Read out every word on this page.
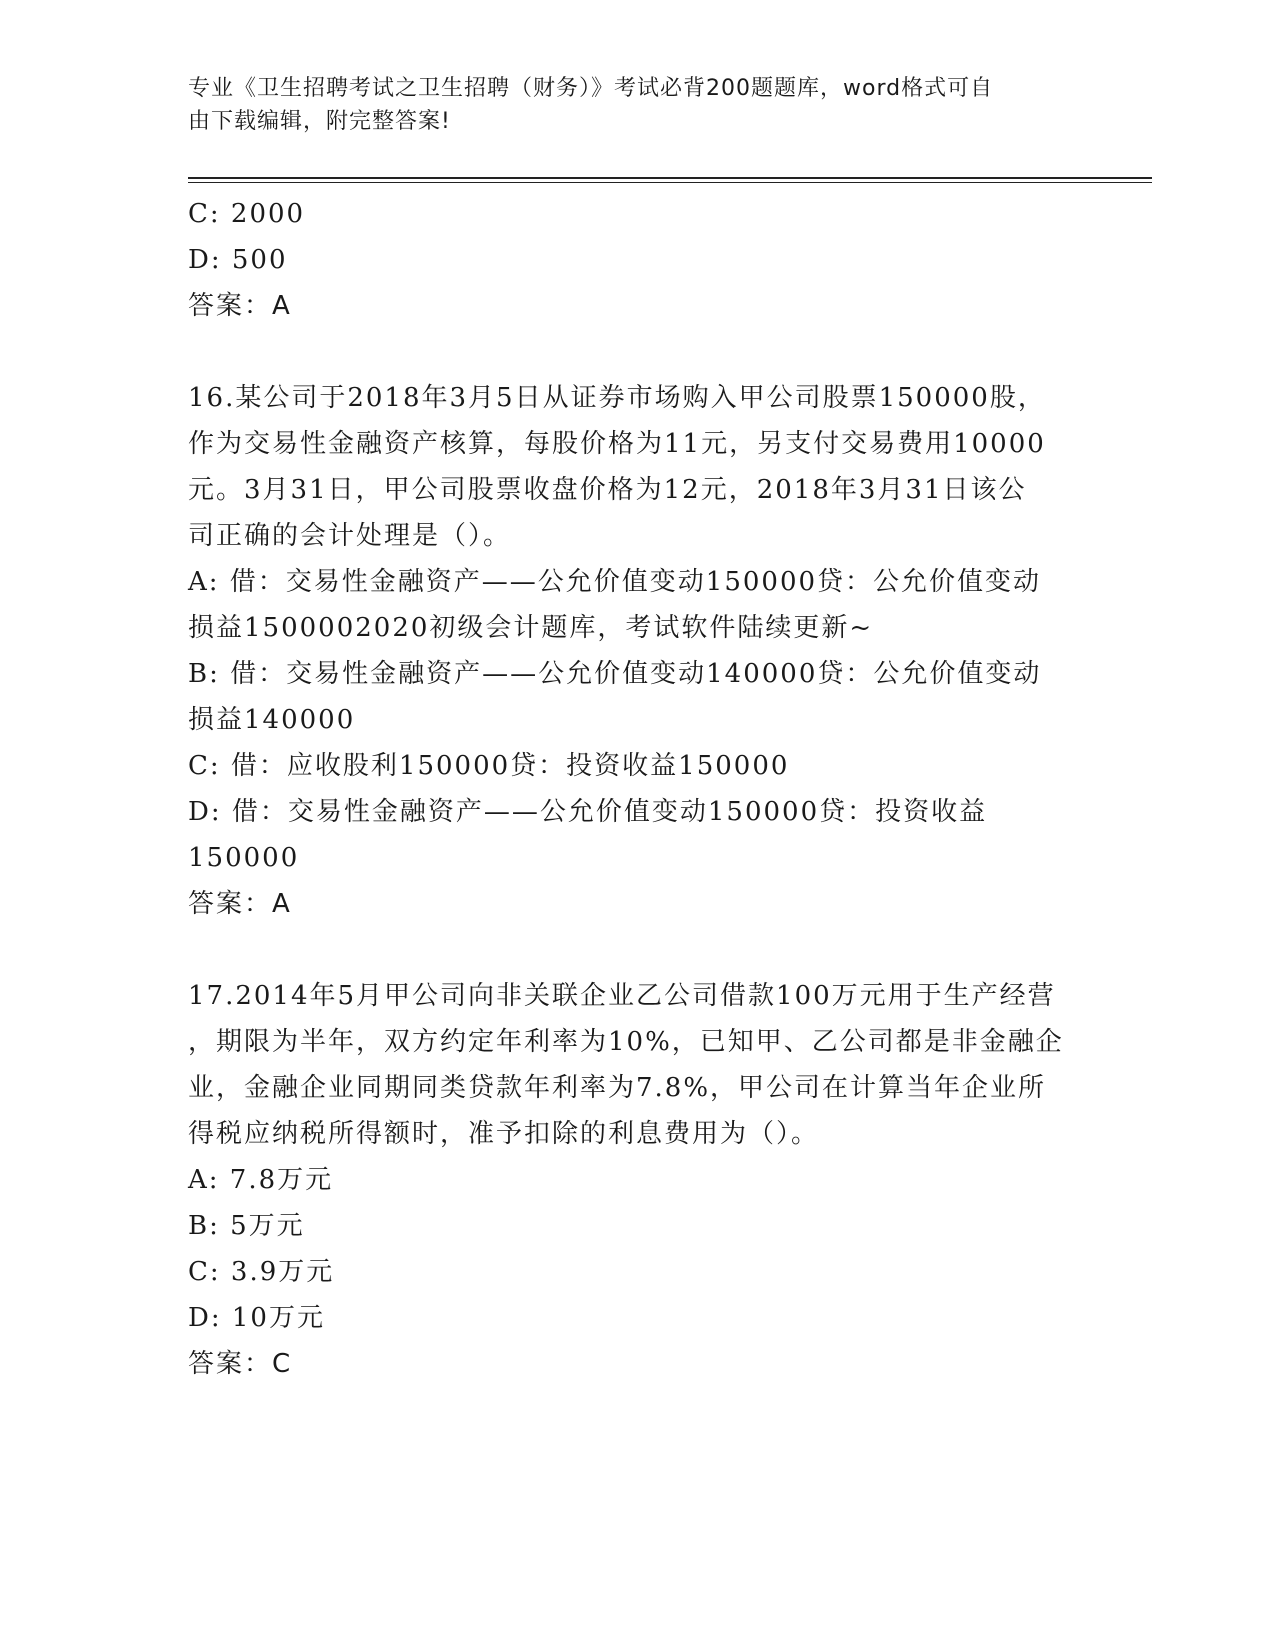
专业《卫生招聘考试之卫生招聘（财务）》考试必背200题题库，word格式可自
由下载编辑，附完整答案!
C: 2000
D: 500
答案：A
16.某公司于2018年3月5日从证券市场购入甲公司股票150000股，
作为交易性金融资产核算，每股价格为11元，另支付交易费用10000
元。3月31日，甲公司股票收盘价格为12元，2018年3月31日该公
司正确的会计处理是（）。
A: 借：交易性金融资产——公允价值变动150000贷：公允价值变动
损益1500002020初级会计题库，考试软件陆续更新~
B: 借：交易性金融资产——公允价值变动140000贷：公允价值变动
损益140000
C: 借：应收股利150000贷：投资收益150000
D: 借：交易性金融资产——公允价值变动150000贷：投资收益
150000
答案：A
17.2014年5月甲公司向非关联企业乙公司借款100万元用于生产经营
，期限为半年，双方约定年利率为10%，已知甲、乙公司都是非金融企
业，金融企业同期同类贷款年利率为7.8%，甲公司在计算当年企业所
得税应纳税所得额时，准予扣除的利息费用为（）。
A: 7.8万元
B: 5万元
C: 3.9万元
D: 10万元
答案：C
